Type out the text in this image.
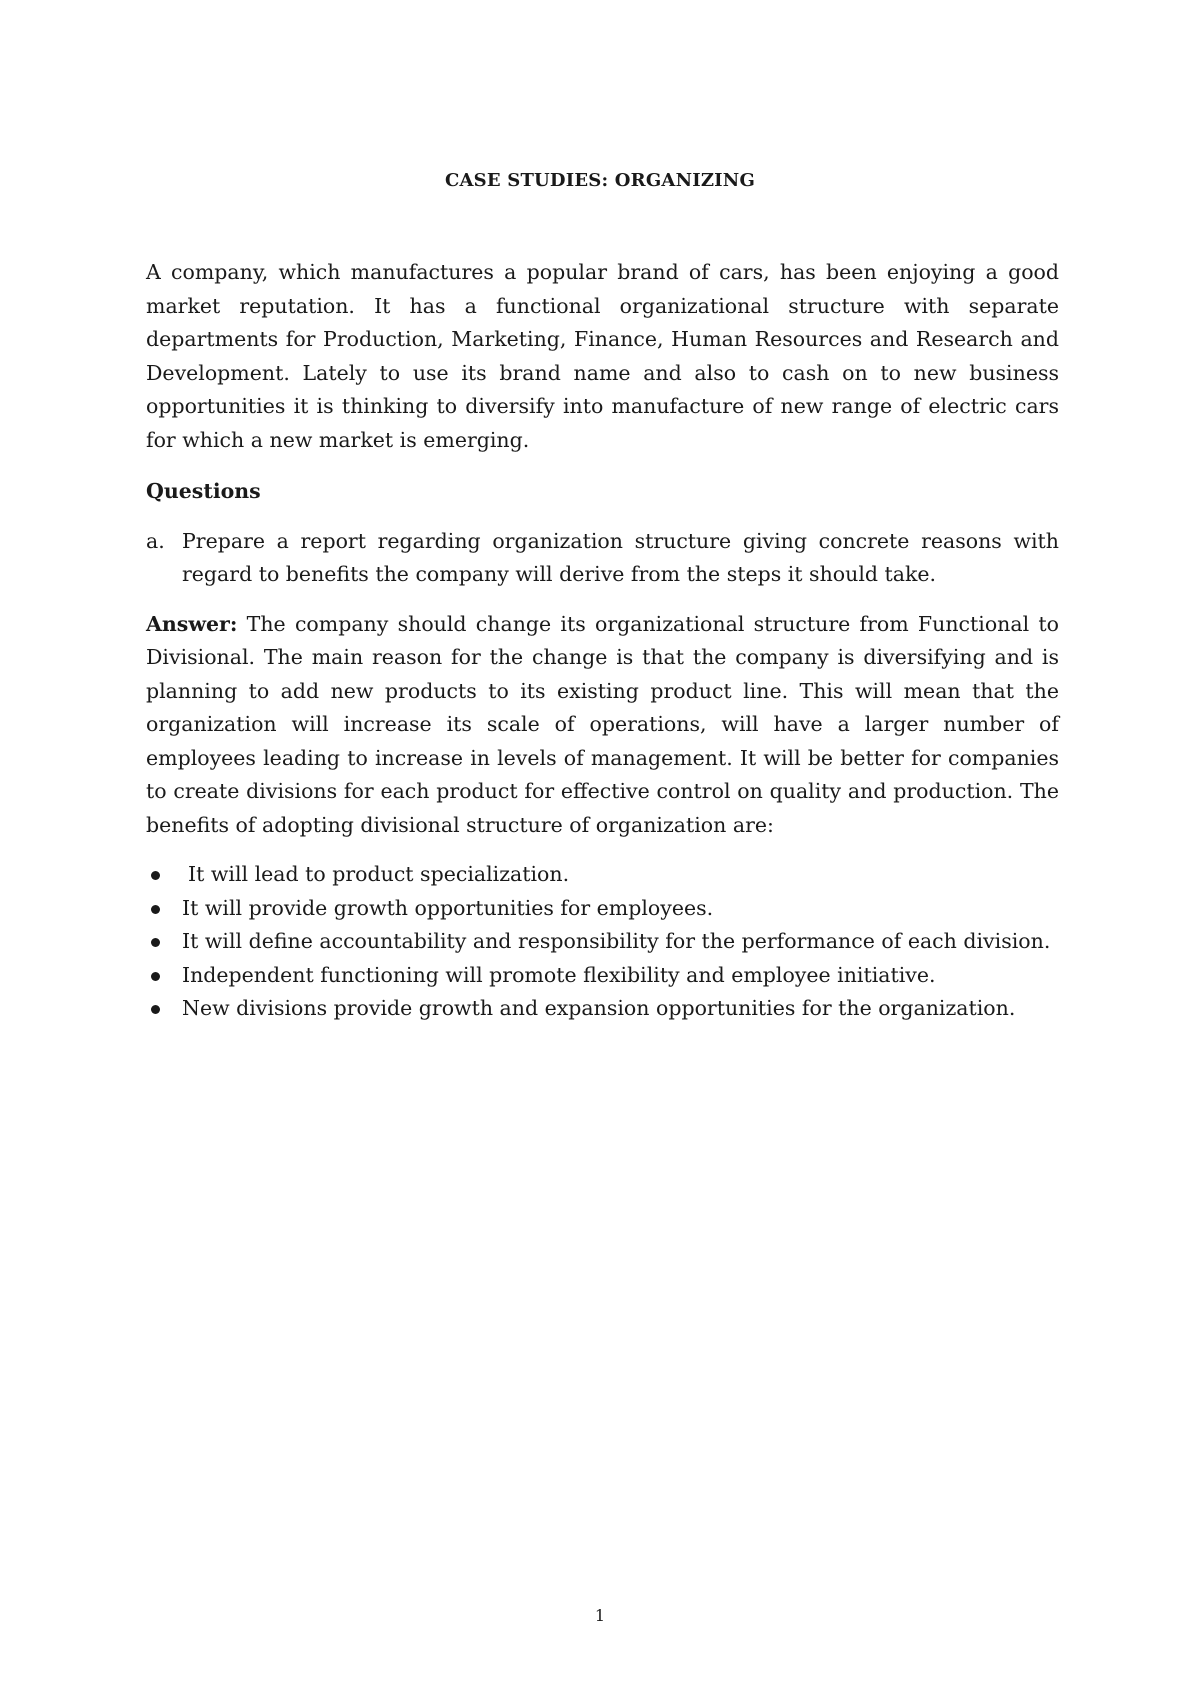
CASE STUDIES: ORGANIZING

A company, which manufactures a popular brand of cars, has been enjoying a good market reputation. It has a functional organizational structure with separate departments for Production, Marketing, Finance, Human Resources and Research and Development. Lately to use its brand name and also to cash on to new business opportunities it is thinking to diversify into manufacture of new range of electric cars for which a new market is emerging.

Questions

a. Prepare a report regarding organization structure giving concrete reasons with regard to benefits the company will derive from the steps it should take.

Answer: The company should change its organizational structure from Functional to Divisional. The main reason for the change is that the company is diversifying and is planning to add new products to its existing product line. This will mean that the organization will increase its scale of operations, will have a larger number of employees leading to increase in levels of management. It will be better for companies to create divisions for each product for effective control on quality and production. The benefits of adopting divisional structure of organization are:

It will lead to product specialization.
It will provide growth opportunities for employees.
It will define accountability and responsibility for the performance of each division.
Independent functioning will promote flexibility and employee initiative.
New divisions provide growth and expansion opportunities for the organization.
1
